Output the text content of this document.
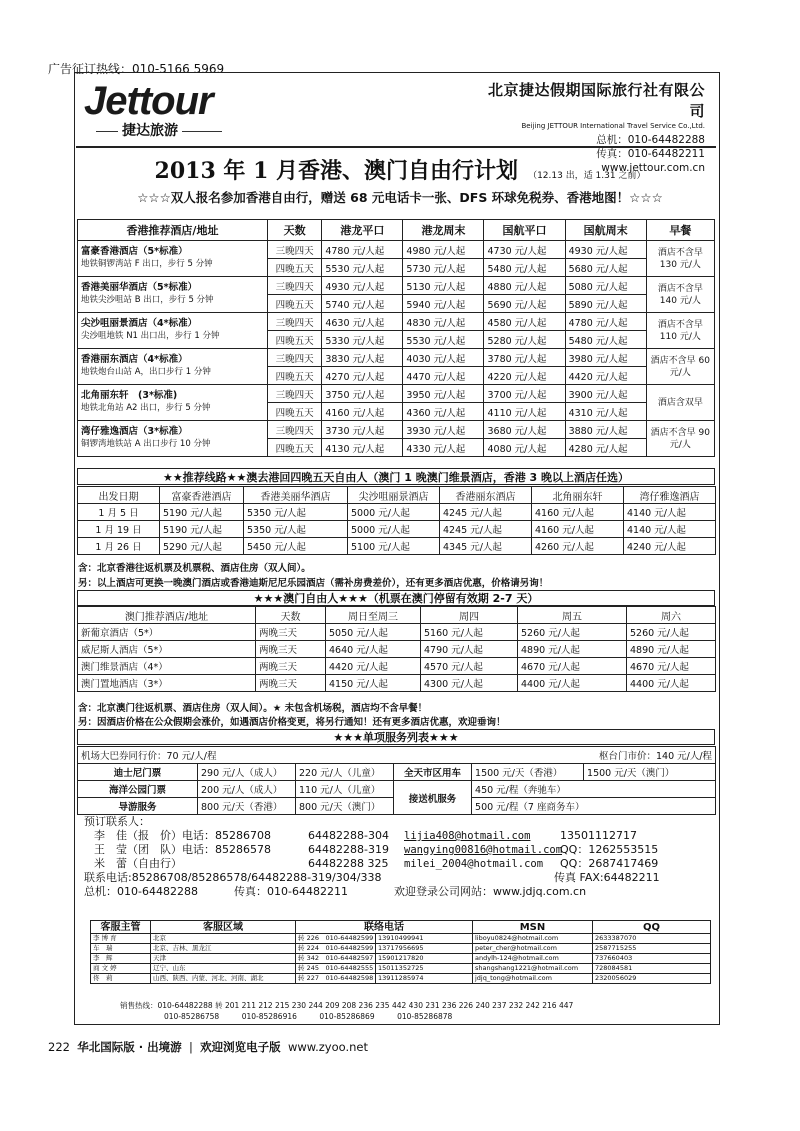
广告征订热线：010-5166 5969
Jettour
捷达旅游
北京捷达假期国际旅行社有限公司
Beijing JETTOUR International Travel Service Co.,Ltd.
总机：010-64482288
传真：010-64482211
www.jettour.com.cn
2013 年 1 月香港、澳门自由行计划 （12.13 出，适 1.31 之前）
☆☆☆双人报名参加香港自由行，赠送 68 元电话卡一张、DFS 环球免税券、香港地图！☆☆☆
香港推荐酒店/地址	天数	港龙平口	港龙周末	国航平口	国航周末	早餐

富豪香港酒店（5*标准）
地铁铜锣湾站 F 出口，步行 5 分钟	三晚四天	4780 元/人起	4980 元/人起	4730 元/人起	4930 元/人起	酒店不含早 130 元/人
	四晚五天	5530 元/人起	5730 元/人起	5480 元/人起	5680 元/人起	

香港美丽华酒店（5*标准）
地铁尖沙咀站 B 出口，步行 5 分钟	三晚四天	4930 元/人起	5130 元/人起	4880 元/人起	5080 元/人起	酒店不含早 140 元/人
	四晚五天	5740 元/人起	5940 元/人起	5690 元/人起	5890 元/人起	

尖沙咀丽景酒店（4*标准）
尖沙咀地铁 N1 出口出，步行 1 分钟	三晚四天	4630 元/人起	4830 元/人起	4580 元/人起	4780 元/人起	酒店不含早 110 元/人
	四晚五天	5330 元/人起	5530 元/人起	5280 元/人起	5480 元/人起	

香港丽东酒店（4*标准）
地铁炮台山站 A，出口步行 1 分钟	三晚四天	3830 元/人起	4030 元/人起	3780 元/人起	3980 元/人起	酒店不含早 60 元/人
	四晚五天	4270 元/人起	4470 元/人起	4220 元/人起	4420 元/人起	

北角丽东轩　(3*标准)
地铁北角站 A2 出口，步行 5 分钟	三晚四天	3750 元/人起	3950 元/人起	3700 元/人起	3900 元/人起	酒店含双早
	四晚五天	4160 元/人起	4360 元/人起	4110 元/人起	4310 元/人起	

湾仔雅逸酒店（3*标准）
铜锣湾地铁站 A 出口步行 10 分钟	三晚四天	3730 元/人起	3930 元/人起	3680 元/人起	3880 元/人起	酒店不含早 90 元/人
	四晚五天	4130 元/人起	4330 元/人起	4080 元/人起	4280 元/人起	
★★推荐线路★★澳去港回四晚五天自由人（澳门 1 晚澳门维景酒店，香港 3 晚以上酒店任选）
出发日期	富豪香港酒店	香港美丽华酒店	尖沙咀丽景酒店	香港丽东酒店	北角丽东轩	湾仔雅逸酒店
1 月 5 日	5190 元/人起	5350 元/人起	5000 元/人起	4245 元/人起	4160 元/人起	4140 元/人起
1 月 19 日	5190 元/人起	5350 元/人起	5000 元/人起	4245 元/人起	4160 元/人起	4140 元/人起
1 月 26 日	5290 元/人起	5450 元/人起	5100 元/人起	4345 元/人起	4260 元/人起	4240 元/人起
含：北京香港往返机票及机票税、酒店住房（双人间）。
另：以上酒店可更换一晚澳门酒店或香港迪斯尼尼乐园酒店（需补房费差价），还有更多酒店优惠，价格请另询！
★★★澳门自由人★★★（机票在澳门停留有效期 2-7 天）
澳门推荐酒店/地址	天数	周日至周三	周四	周五	周六
新葡京酒店（5*）	两晚三天	5050 元/人起	5160 元/人起	5260 元/人起	5260 元/人起
威尼斯人酒店（5*）	两晚三天	4640 元/人起	4790 元/人起	4890 元/人起	4890 元/人起
澳门维景酒店（4*）	两晚三天	4420 元/人起	4570 元/人起	4670 元/人起	4670 元/人起
澳门置地酒店（3*）	两晚三天	4150 元/人起	4300 元/人起	4400 元/人起	4400 元/人起
含：北京澳门往返机票、酒店住房（双人间）。★ 未包含机场税，酒店均不含早餐！
另：因酒店价格在公众假期会涨价，如遇酒店价格变更，将另行通知！还有更多酒店优惠，欢迎垂询！
★★★单项服务列表★★★
机场大巴券同行价：70 元/人/程			枢台门市价：140 元/人/程		
迪士尼门票	290 元/人（成人）	220 元/人（儿童）	全天市区用车	1500 元/天（香港）	1500 元/天（澳门）
海洋公园门票	200 元/人（成人）	110 元/人（儿童）	接送机服务	450 元/程（奔驰车）	
导游服务	800 元/天（香港）	800 元/天（澳门）		500 元/程（7 座商务车）	
预订联系人：
李　佳（报　价）电话：85286708	64482288-304 lijia408@hotmail.com	13501112717
王　莹（团　队）电话：85286578	64482288-319 wangying00816@hotmail.com
QQ：1262553515
米　蕾（自由行）	64482288 325 milei_2004@hotmail.com QQ：2687417469
联系电话:85286708/85286578/64482288-319/304/338	传真 FAX:64482211
总机：010-64482288	传真：010-64482211	欢迎登录公司网站：www.jdjq.com.cn
客服主管	客服区域	联络电话		MSN	QQ
李 博 育	北京	转 226　010-64482599	13910499941	liboyu0824@hotmail.com	2633387070
车　瑞	北京、吉林、黑龙江	转 224　010-64482599	13717956695	peter_cher@hotmail.com	2587715255
李　辉	天津	转 342　010-64482597	15901217820	andylh-124@hotmail.com	737660403
商 文 婷	辽宁、山东	转 245　010-64482555	15011352725	shangshang1221@hotmail.com	728084581
佟　莉	山西、陕西、内蒙、河北、河南、湖北	转 227　010-64482598	13911285974	jdjq_tong@hotmail.com	2320056029
销售热线：010-64482288 转 201 211 212 215 230 244 209 208 236 235 442 430 231 236 226 240 237 232 242 216 447
010-85286758　　　010-85286916　　　010-85286869　　　010-85286878
222 华北国际版 · 出境游 | 欢迎浏览电子版 www.zyoo.net
